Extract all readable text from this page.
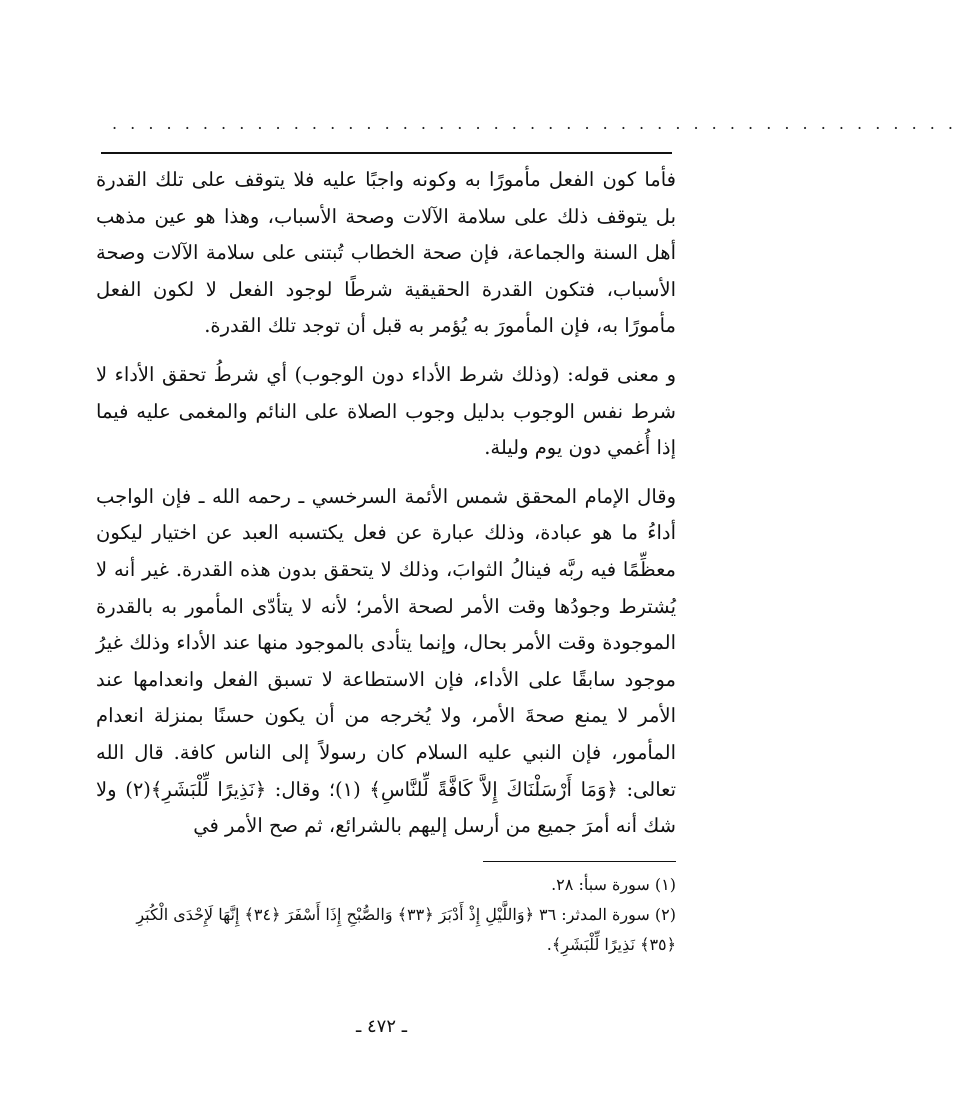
. . . . . . . . . . . . . . . . . . . . . . . . . . . . . . . . . . . . . . . . . . . . . . .

فأما كون الفعل مأمورًا به وكونه واجبًا عليه فلا يتوقف على تلك القدرة بل يتوقف ذلك على سلامة الآلات وصحة الأسباب، وهذا هو عين مذهب أهل السنة والجماعة، فإن صحة الخطاب تُبتنى على سلامة الآلات وصحة الأسباب، فتكون القدرة الحقيقية شرطًا لوجود الفعل لا لكون الفعل مأمورًا به، فإن المأمورَ به يُؤمر به قبل أن توجد تلك القدرة.

و معنى قوله: (وذلك شرط الأداء دون الوجوب) أي شرطُ تحقق الأداء لا شرط نفس الوجوب بدليل وجوب الصلاة على النائم والمغمى عليه فيما إذا أُغمي دون يوم وليلة.

وقال الإمام المحقق شمس الأئمة السرخسي ـ رحمه الله ـ فإن الواجب أداءُ ما هو عبادة، وذلك عبارة عن فعل يكتسبه العبد عن اختيار ليكون معظِّمًا فيه ربَّه فينالُ الثوابَ، وذلك لا يتحقق بدون هذه القدرة. غير أنه لا يُشترط وجودُها وقت الأمر لصحة الأمر؛ لأنه لا يتأدّى المأمور به بالقدرة الموجودة وقت الأمر بحال، وإنما يتأدى بالموجود منها عند الأداء وذلك غيرُ موجود سابقًا على الأداء، فإن الاستطاعة لا تسبق الفعل وانعدامها عند الأمر لا يمنع صحةَ الأمر، ولا يُخرجه من أن يكون حسنًا بمنزلة انعدام المأمور، فإن النبي عليه السلام كان رسولاً إلى الناس كافة. قال الله تعالى: ﴿وَمَا أَرْسَلْنَاكَ إِلاَّ كَافَّةً لِّلنَّاسِ﴾ (١)؛ وقال: ﴿نَذِيرًا لِّلْبَشَرِ﴾(٢) ولا شك أنه أمرَ جميع من أرسل إليهم بالشرائع، ثم صح الأمر في

(١) سورة سبأ: ٢٨.

(٢) سورة المدثر: ٣٦ ﴿وَاللَّيْلِ إِذْ أَدْبَرَ ﴿٣٣﴾ وَالصُّبْحِ إِذَا أَسْفَرَ ﴿٣٤﴾ إِنَّهَا لَإِحْدَى الْكُبَرِ ﴿٣٥﴾ نَذِيرًا لِّلْبَشَرِ﴾.

ـ ٤٧٢ ـ
